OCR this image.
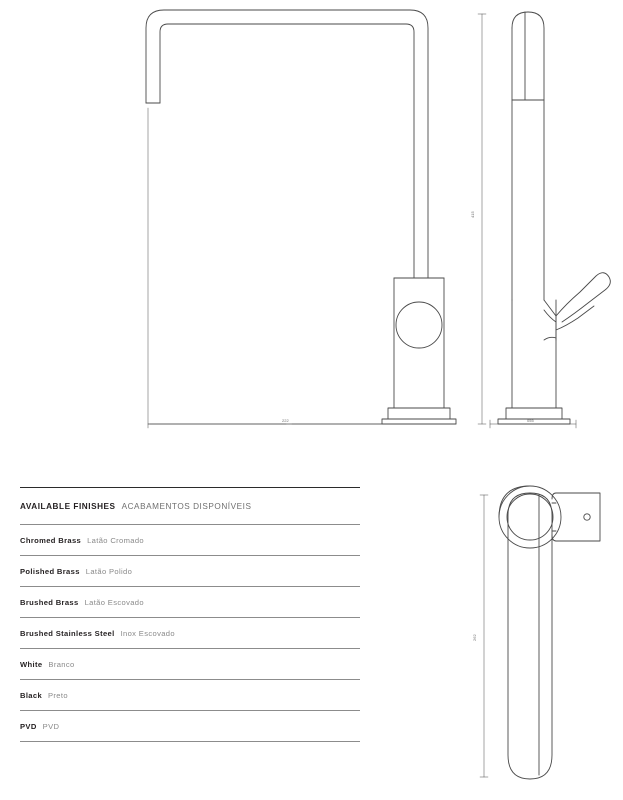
222
415
055
AVAILABLE FINISHES ACABAMENTOS DISPONÍVEIS
Chromed Brass Latão Cromado
Polished Brass Latão Polido
Brushed Brass Latão Escovado
Brushed Stainless Steel Inox Escovado
White Branco
Black Preto
PVD PVD
262
